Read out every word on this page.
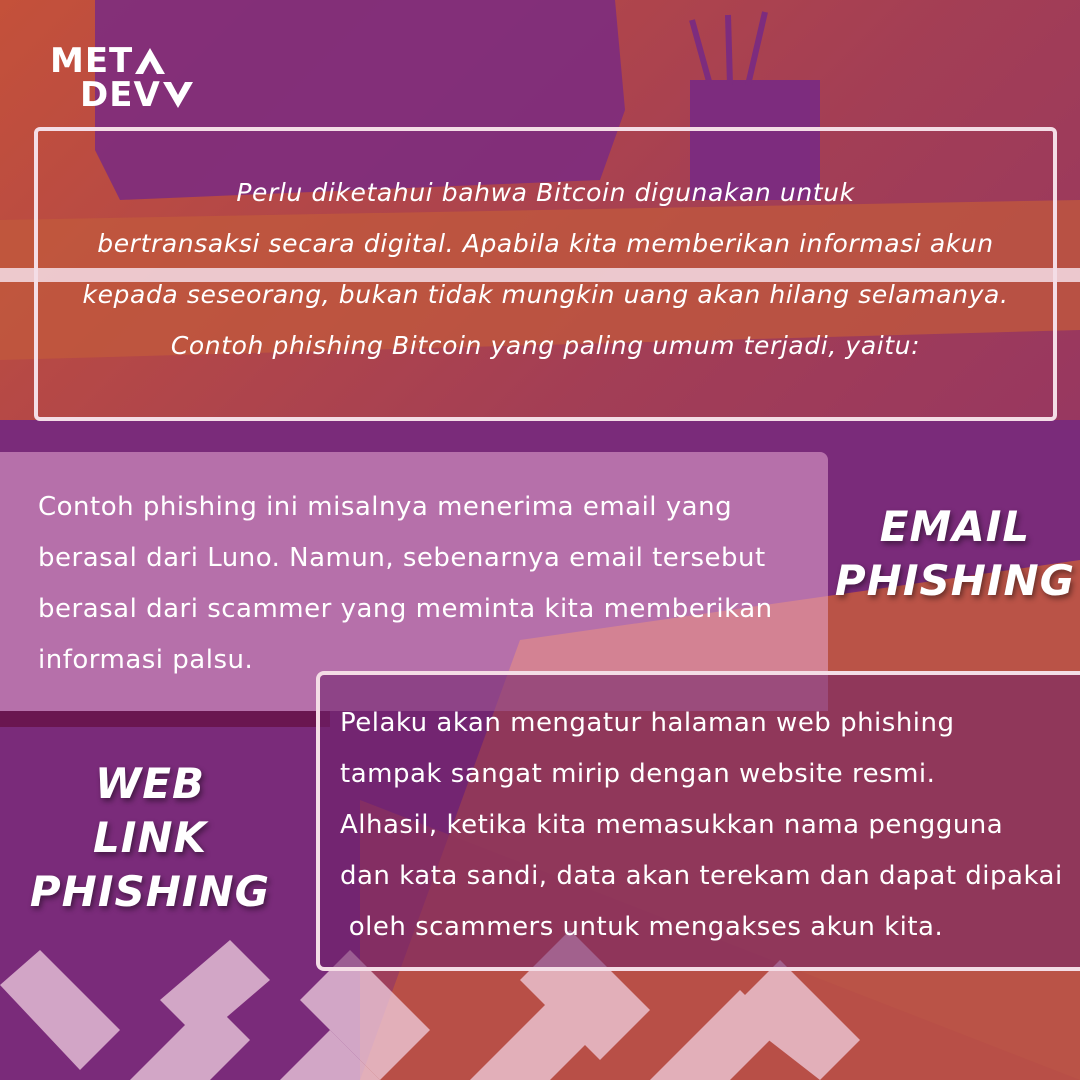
MET
DEV
Perlu diketahui bahwa Bitcoin digunakan untuk
bertransaksi secara digital. Apabila kita memberikan informasi akun
kepada seseorang, bukan tidak mungkin uang akan hilang selamanya.
Contoh phishing Bitcoin yang paling umum terjadi, yaitu:
Contoh phishing ini misalnya menerima email yang
berasal dari Luno. Namun, sebenarnya email tersebut
berasal dari scammer yang meminta kita memberikan
informasi palsu.
EMAIL
PHISHING
Pelaku akan mengatur halaman web phishing
tampak sangat mirip dengan website resmi.
Alhasil, ketika kita memasukkan nama pengguna
dan kata sandi, data akan terekam dan dapat dipakai
oleh scammers untuk mengakses akun kita.
WEB
LINK
PHISHING
